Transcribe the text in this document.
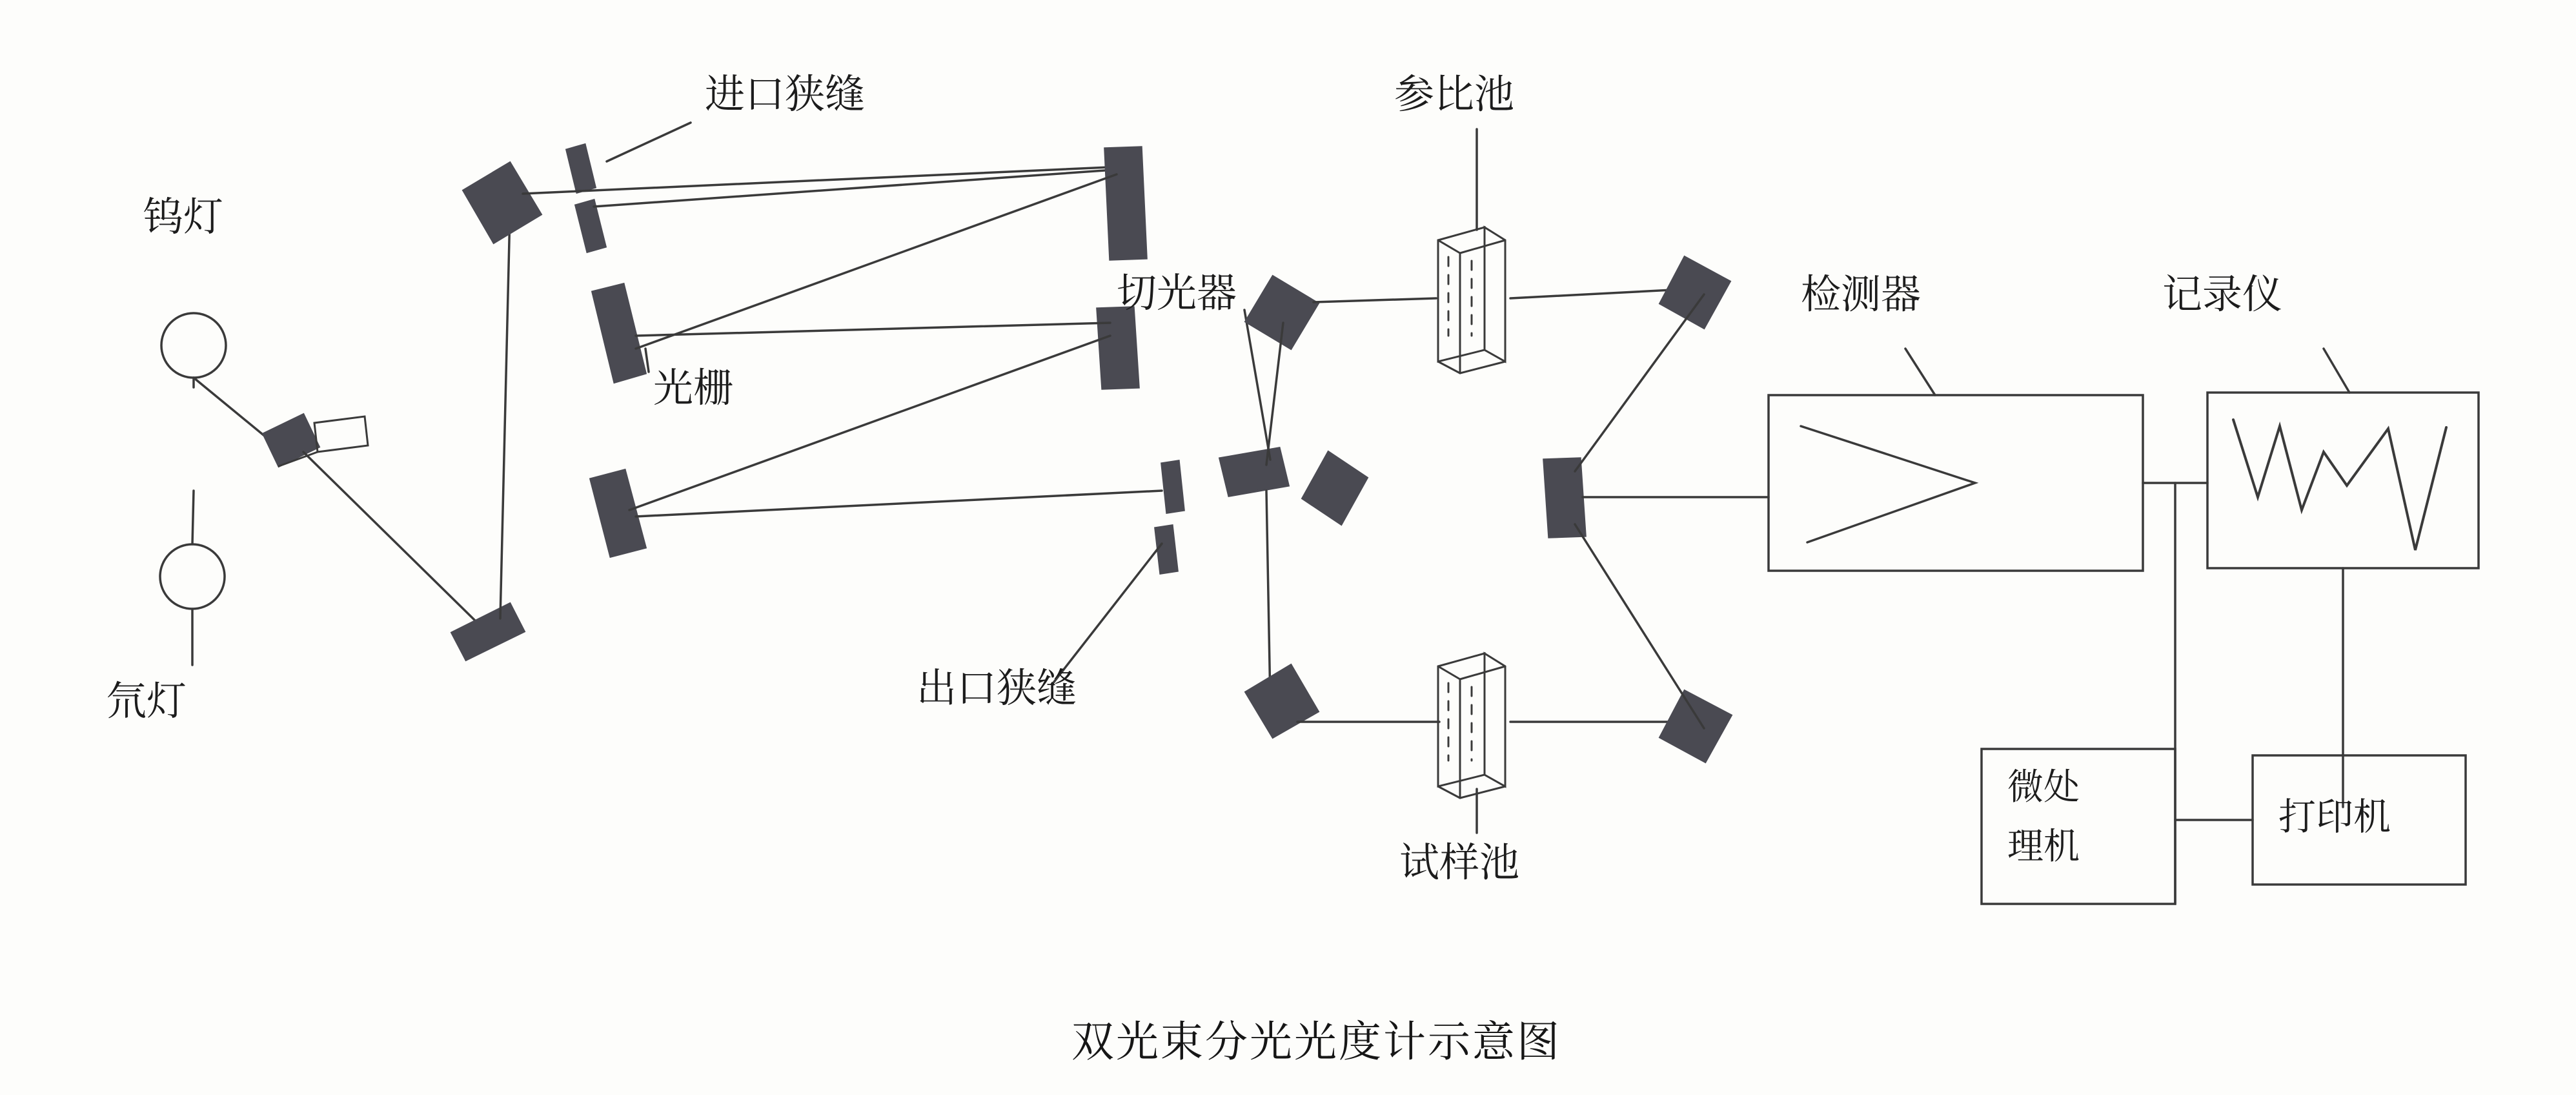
钨灯
氘灯
进口狭缝
光栅
出口狭缝
切光器
参比池
试样池
检测器	记录仪
微处
理机
打印机
双光束分光光度计示意图
